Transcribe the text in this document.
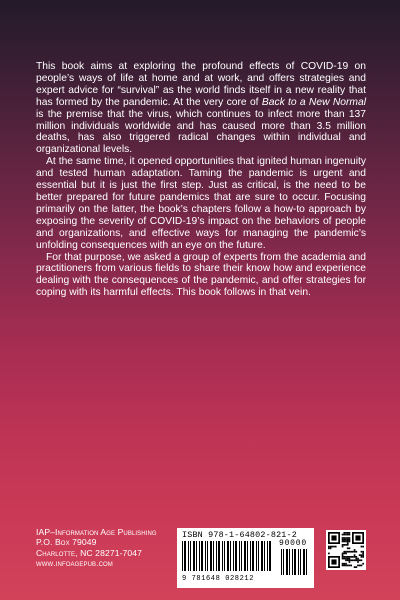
This book aims at exploring the profound effects of COVID-19 on people’s ways of life at home and at work, and offers strategies and expert advice for “survival” as the world finds itself in a new reality that has formed by the pandemic. At the very core of Back to a New Normal is the premise that the virus, which continues to infect more than 137 million individuals worldwide and has caused more than 3.5 million deaths, has also triggered radical changes within individual and organizational levels.

At the same time, it opened opportunities that ignited human ingenuity and tested human adaptation. Taming the pandemic is urgent and essential but it is just the first step. Just as critical, is the need to be better prepared for future pandemics that are sure to occur. Focusing primarily on the latter, the book’s chapters follow a how-to approach by exposing the severity of COVID-19’s impact on the behaviors of people and organizations, and effective ways for managing the pandemic’s unfolding consequences with an eye on the future.

For that purpose, we asked a group of experts from the academia and practitioners from various fields to share their know how and experience dealing with the consequences of the pandemic, and offer strategies for coping with its harmful effects. This book follows in that vein.

IAP–Information Age Publishing
P.O. Box 79049
Charlotte, NC 28271-7047
www.infoagepub.com
ISBN 978-1-64802-821-2
90000
9 781648 028212
